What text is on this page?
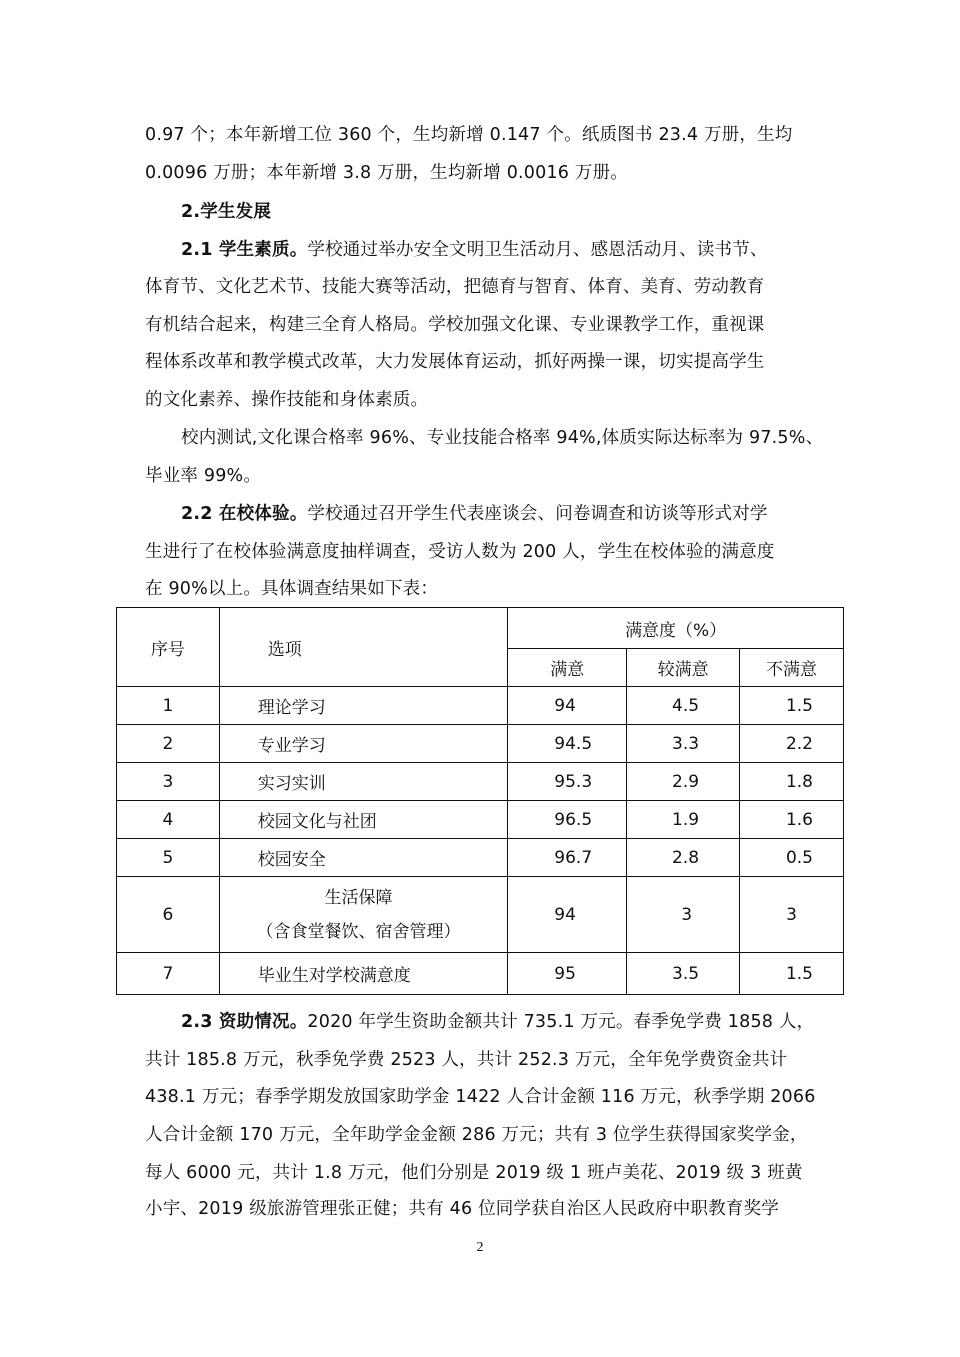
0.97 个；本年新增工位 360 个，生均新增 0.147 个。纸质图书 23.4 万册，生均
0.0096 万册；本年新增 3.8 万册，生均新增 0.0016 万册。
2.学生发展
2.1 学生素质。学校通过举办安全文明卫生活动月、感恩活动月、读书节、
体育节、文化艺术节、技能大赛等活动，把德育与智育、体育、美育、劳动教育
有机结合起来，构建三全育人格局。学校加强文化课、专业课教学工作，重视课
程体系改革和教学模式改革，大力发展体育运动，抓好两操一课，切实提高学生
的文化素养、操作技能和身体素质。
校内测试,文化课合格率 96%、专业技能合格率 94%,体质实际达标率为 97.5%、
毕业率 99%。
2.2 在校体验。学校通过召开学生代表座谈会、问卷调查和访谈等形式对学
生进行了在校体验满意度抽样调查，受访人数为 200 人，学生在校体验的满意度
在 90%以上。具体调查结果如下表：
序号	选项	满意度（%）		
		满意	较满意	不满意
1	理论学习	94	4.5	1.5
2	专业学习	94.5	3.3	2.2
3	实习实训	95.3	2.9	1.8
4	校园文化与社团	96.5	1.9	1.6
5	校园安全	96.7	2.8	0.5
6	生活保障
（含食堂餐饮、宿舍管理）	94	3	3
7	毕业生对学校满意度	95	3.5	1.5
2.3 资助情况。2020 年学生资助金额共计 735.1 万元。春季免学费 1858 人，
共计 185.8 万元，秋季免学费 2523 人，共计 252.3 万元，全年免学费资金共计
438.1 万元；春季学期发放国家助学金 1422 人合计金额 116 万元，秋季学期 2066
人合计金额 170 万元，全年助学金金额 286 万元；共有 3 位学生获得国家奖学金，
每人 6000 元，共计 1.8 万元，他们分别是 2019 级 1 班卢美花、2019 级 3 班黄
小宇、2019 级旅游管理张正健；共有 46 位同学获自治区人民政府中职教育奖学
2
